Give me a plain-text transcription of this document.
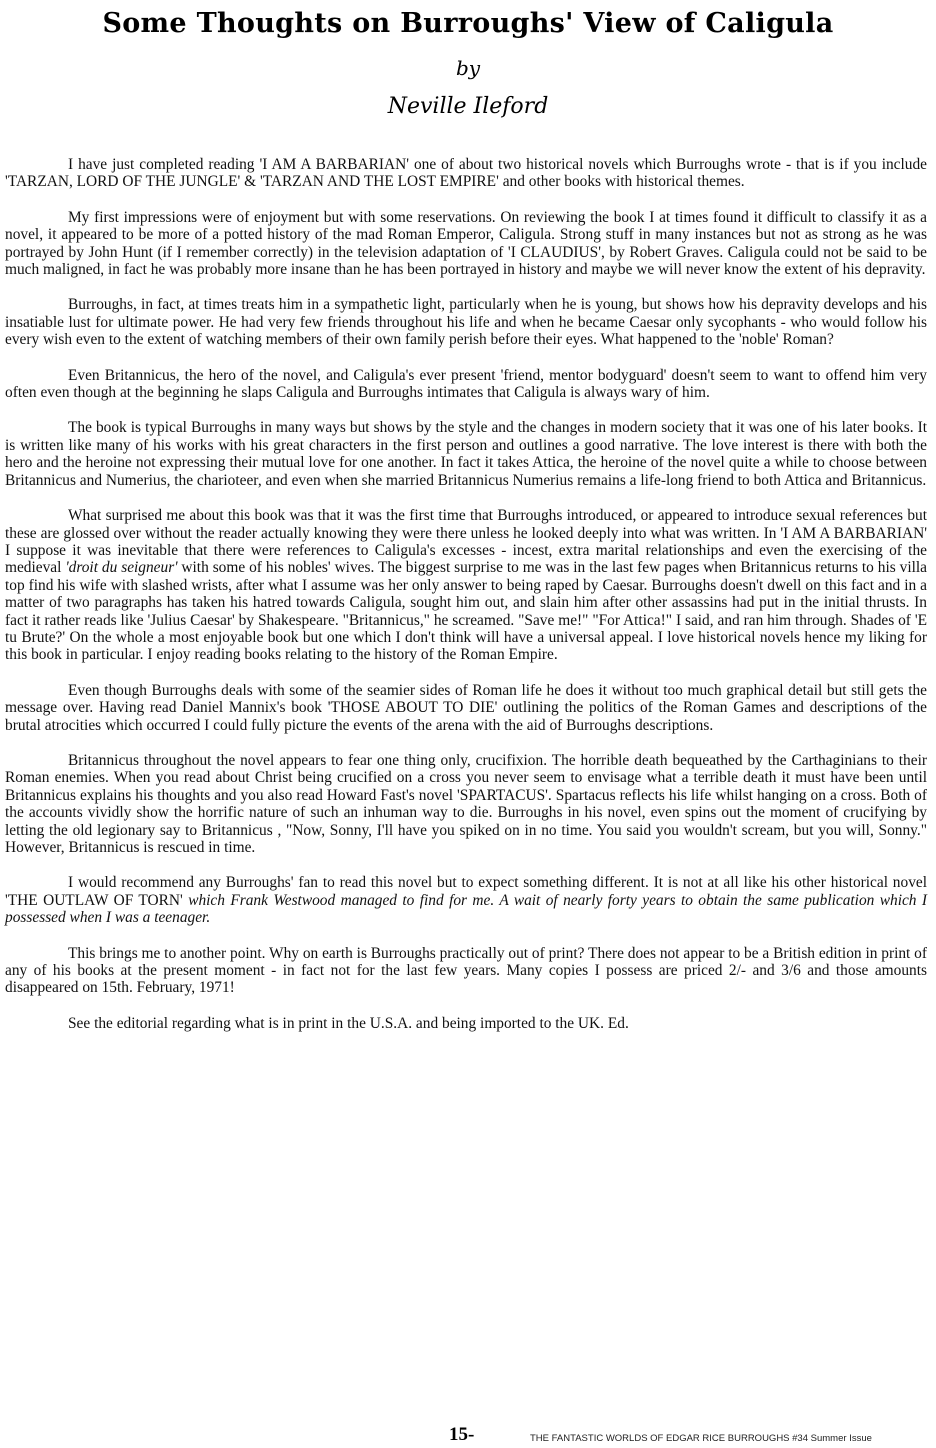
Some Thoughts on Burroughs' View of Caligula
by
Neville Ileford

I have just completed reading 'I AM A BARBARIAN' one of about two historical novels which Burroughs wrote - that is if you include 'TARZAN, LORD OF THE JUNGLE' & 'TARZAN AND THE LOST EMPIRE' and other books with historical themes.

My first impressions were of enjoyment but with some reservations. On reviewing the book I at times found it difficult to classify it as a novel, it appeared to be more of a potted history of the mad Roman Emperor, Caligula. Strong stuff in many instances but not as strong as he was portrayed by John Hunt (if I remember correctly) in the television adaptation of 'I CLAUDIUS', by Robert Graves. Caligula could not be said to be much maligned, in fact he was probably more insane than he has been portrayed in history and maybe we will never know the extent of his depravity.

Burroughs, in fact, at times treats him in a sympathetic light, particularly when he is young, but shows how his depravity develops and his insatiable lust for ultimate power. He had very few friends throughout his life and when he became Caesar only sycophants - who would follow his every wish even to the extent of watching members of their own family perish before their eyes. What happened to the 'noble' Roman?

Even Britannicus, the hero of the novel, and Caligula's ever present 'friend, mentor bodyguard' doesn't seem to want to offend him very often even though at the beginning he slaps Caligula and Burroughs intimates that Caligula is always wary of him.

The book is typical Burroughs in many ways but shows by the style and the changes in modern society that it was one of his later books. It is written like many of his works with his great characters in the first person and outlines a good narrative. The love interest is there with both the hero and the heroine not expressing their mutual love for one another. In fact it takes Attica, the heroine of the novel quite a while to choose between Britannicus and Numerius, the charioteer, and even when she married Britannicus Numerius remains a life-long friend to both Attica and Britannicus.

What surprised me about this book was that it was the first time that Burroughs introduced, or appeared to introduce sexual references but these are glossed over without the reader actually knowing they were there unless he looked deeply into what was written. In 'I AM A BARBARIAN' I suppose it was inevitable that there were references to Caligula's excesses - incest, extra marital relationships and even the exercising of the medieval 'droit du seigneur' with some of his nobles' wives. The biggest surprise to me was in the last few pages when Britannicus returns to his villa top find his wife with slashed wrists, after what I assume was her only answer to being raped by Caesar. Burroughs doesn't dwell on this fact and in a matter of two paragraphs has taken his hatred towards Caligula, sought him out, and slain him after other assassins had put in the initial thrusts. In fact it rather reads like 'Julius Caesar' by Shakespeare. "Britannicus," he screamed. "Save me!" "For Attica!" I said, and ran him through. Shades of 'E tu Brute?' On the whole a most enjoyable book but one which I don't think will have a universal appeal. I love historical novels hence my liking for this book in particular. I enjoy reading books relating to the history of the Roman Empire.

Even though Burroughs deals with some of the seamier sides of Roman life he does it without too much graphical detail but still gets the message over. Having read Daniel Mannix's book 'THOSE ABOUT TO DIE' outlining the politics of the Roman Games and descriptions of the brutal atrocities which occurred I could fully picture the events of the arena with the aid of Burroughs descriptions.

Britannicus throughout the novel appears to fear one thing only, crucifixion. The horrible death bequeathed by the Carthaginians to their Roman enemies. When you read about Christ being crucified on a cross you never seem to envisage what a terrible death it must have been until Britannicus explains his thoughts and you also read Howard Fast's novel 'SPARTACUS'. Spartacus reflects his life whilst hanging on a cross. Both of the accounts vividly show the horrific nature of such an inhuman way to die. Burroughs in his novel, even spins out the moment of crucifying by letting the old legionary say to Britannicus , "Now, Sonny, I'll have you spiked on in no time. You said you wouldn't scream, but you will, Sonny." However, Britannicus is rescued in time.

I would recommend any Burroughs' fan to read this novel but to expect something different. It is not at all like his other historical novel 'THE OUTLAW OF TORN' which Frank Westwood managed to find for me. A wait of nearly forty years to obtain the same publication which I possessed when I was a teenager.

This brings me to another point. Why on earth is Burroughs practically out of print? There does not appear to be a British edition in print of any of his books at the present moment - in fact not for the last few years. Many copies I possess are priced 2/- and 3/6 and those amounts disappeared on 15th. February, 1971!

See the editorial regarding what is in print in the U.S.A. and being imported to the UK. Ed.

15-	THE FANTASTIC WORLDS OF EDGAR RICE BURROUGHS #34 Summer Issue
